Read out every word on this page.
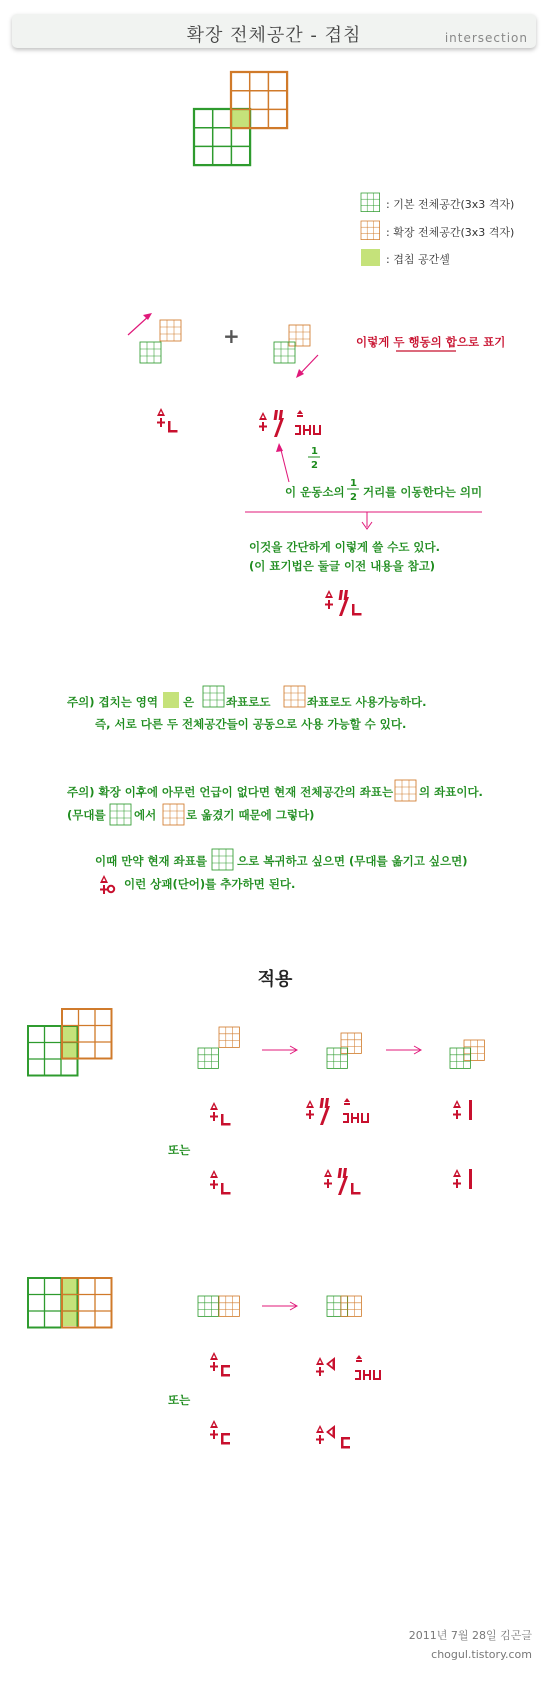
확장 전체공간 - 겹침	intersection
+
1
2
1
2
: 기본 전체공간(3x3 격자)
: 확장 전체공간(3x3 격자)
: 겹침 공간셀
이렇게 두 행동의 합으로 표기
이 운동소의 거리를 이동한다는 의미
이것을 간단하게 이렇게 쓸 수도 있다.
(이 표기법은 둘글 이전 내용을 참고)
주의) 겹치는 영역 은	좌표로도	좌표로도 사용가능하다.
즉, 서로 다른 두 전체공간들이 공동으로 사용 가능할 수 있다.
주의) 확장 이후에 아무런 언급이 없다면 현재 전체공간의 좌표는 의 좌표이다.
(무대를 에서	로 옮겼기 때문에 그렇다)
이때 만약 현재 좌표를	으로 복귀하고 싶으면 (무대를 옮기고 싶으면)
이런 상괘(단어)를 추가하면 된다.
적용
또는
또는
2011년 7월 28일 김곤글
chogul.tistory.com
